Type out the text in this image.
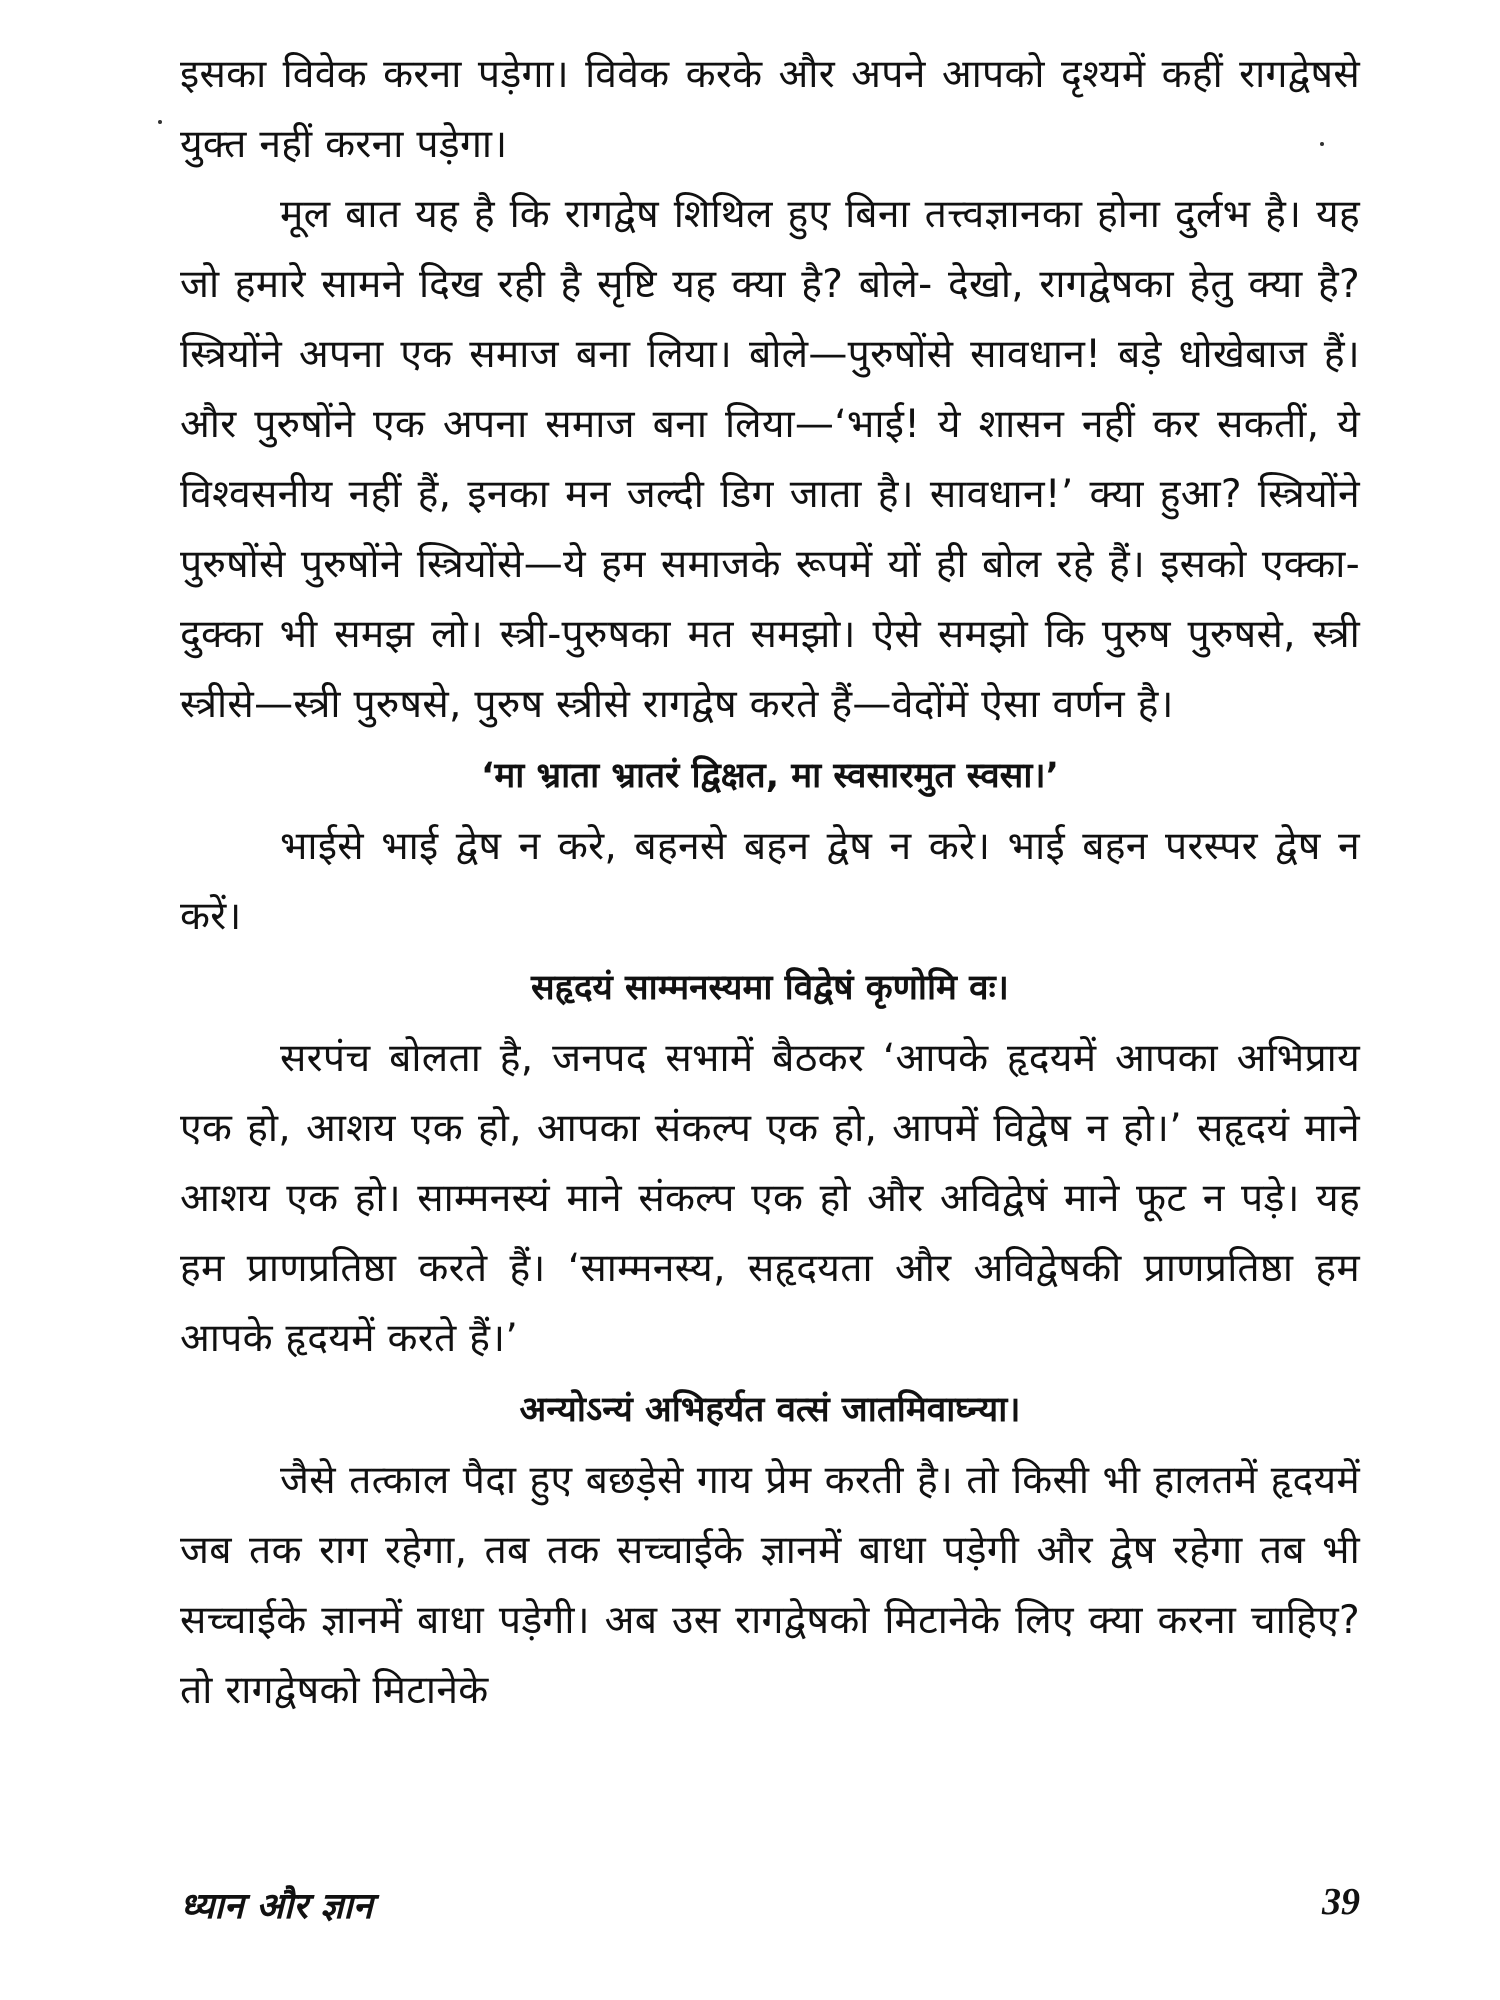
इसका विवेक करना पड़ेगा। विवेक करके और अपने आपको दृश्यमें कहीं रागद्वेषसे युक्त नहीं करना पड़ेगा।

मूल बात यह है कि रागद्वेष शिथिल हुए बिना तत्त्वज्ञानका होना दुर्लभ है। यह जो हमारे सामने दिख रही है सृष्टि यह क्या है? बोले- देखो, रागद्वेषका हेतु क्या है? स्त्रियोंने अपना एक समाज बना लिया। बोले—पुरुषोंसे सावधान! बड़े धोखेबाज हैं। और पुरुषोंने एक अपना समाज बना लिया—‘भाई! ये शासन नहीं कर सकतीं, ये विश्वसनीय नहीं हैं, इनका मन जल्दी डिग जाता है। सावधान!’ क्या हुआ? स्त्रियोंने पुरुषोंसे पुरुषोंने स्त्रियोंसे—ये हम समाजके रूपमें यों ही बोल रहे हैं। इसको एक्का-दुक्का भी समझ लो। स्त्री-पुरुषका मत समझो। ऐसे समझो कि पुरुष पुरुषसे, स्त्री स्त्रीसे—स्त्री पुरुषसे, पुरुष स्त्रीसे रागद्वेष करते हैं—वेदोंमें ऐसा वर्णन है।

‘मा भ्राता भ्रातरं द्विक्षत, मा स्वसारमुत स्वसा।’

भाईसे भाई द्वेष न करे, बहनसे बहन द्वेष न करे। भाई बहन परस्पर द्वेष न करें।

सहृदयं साम्मनस्यमा विद्वेषं कृणोमि वः।

सरपंच बोलता है, जनपद सभामें बैठकर ‘आपके हृदयमें आपका अभिप्राय एक हो, आशय एक हो, आपका संकल्प एक हो, आपमें विद्वेष न हो।’ सहृदयं माने आशय एक हो। साम्मनस्यं माने संकल्प एक हो और अविद्वेषं माने फूट न पड़े। यह हम प्राणप्रतिष्ठा करते हैं। ‘साम्मनस्य, सहृदयता और अविद्वेषकी प्राणप्रतिष्ठा हम आपके हृदयमें करते हैं।’

अन्योऽन्यं अभिहर्यत वत्सं जातमिवाघ्न्या।

जैसे तत्काल पैदा हुए बछड़ेसे गाय प्रेम करती है। तो किसी भी हालतमें हृदयमें जब तक राग रहेगा, तब तक सच्चाईके ज्ञानमें बाधा पड़ेगी और द्वेष रहेगा तब भी सच्चाईके ज्ञानमें बाधा पड़ेगी। अब उस रागद्वेषको मिटानेके लिए क्या करना चाहिए? तो रागद्वेषको मिटानेके

ध्यान और ज्ञान	39
